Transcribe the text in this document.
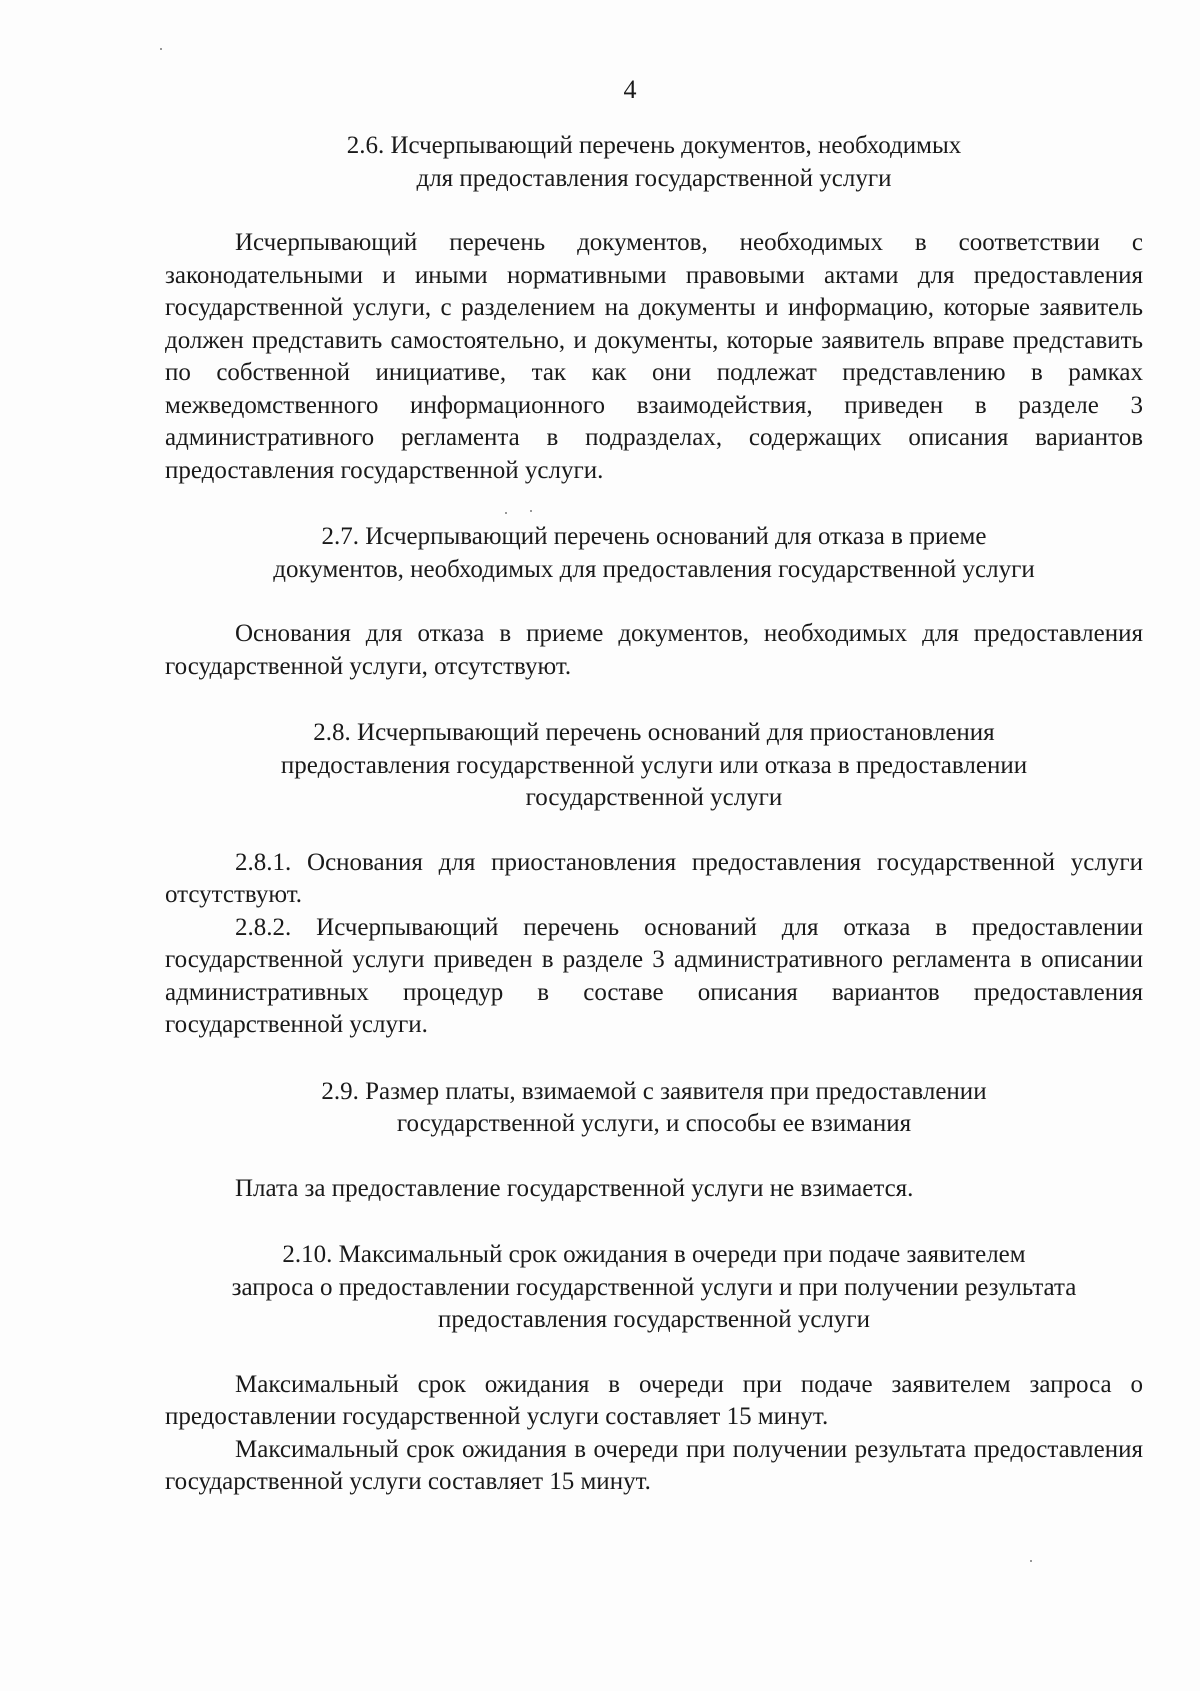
4
2.6. Исчерпывающий перечень документов, необходимых
для предоставления государственной услуги

Исчерпывающий перечень документов, необходимых в соответствии с законодательными и иными нормативными правовыми актами для предоставления государственной услуги, с разделением на документы и информацию, которые заявитель должен представить самостоятельно, и документы, которые заявитель вправе представить по собственной инициативе, так как они подлежат представлению в рамках межведомственного информационного взаимодействия, приведен в разделе 3 административного регламента в подразделах, содержащих описания вариантов предоставления государственной услуги.

2.7. Исчерпывающий перечень оснований для отказа в приеме
документов, необходимых для предоставления государственной услуги

Основания для отказа в приеме документов, необходимых для предоставления государственной услуги, отсутствуют.

2.8. Исчерпывающий перечень оснований для приостановления
предоставления государственной услуги или отказа в предоставлении
государственной услуги

2.8.1. Основания для приостановления предоставления государственной услуги отсутствуют.

2.8.2. Исчерпывающий перечень оснований для отказа в предоставлении государственной услуги приведен в разделе 3 административного регламента в описании административных процедур в составе описания вариантов предоставления государственной услуги.

2.9. Размер платы, взимаемой с заявителя при предоставлении
государственной услуги, и способы ее взимания

Плата за предоставление государственной услуги не взимается.

2.10. Максимальный срок ожидания в очереди при подаче заявителем
запроса о предоставлении государственной услуги и при получении результата
предоставления государственной услуги

Максимальный срок ожидания в очереди при подаче заявителем запроса о предоставлении государственной услуги составляет 15 минут.

Максимальный срок ожидания в очереди при получении результата предоставления государственной услуги составляет 15 минут.
